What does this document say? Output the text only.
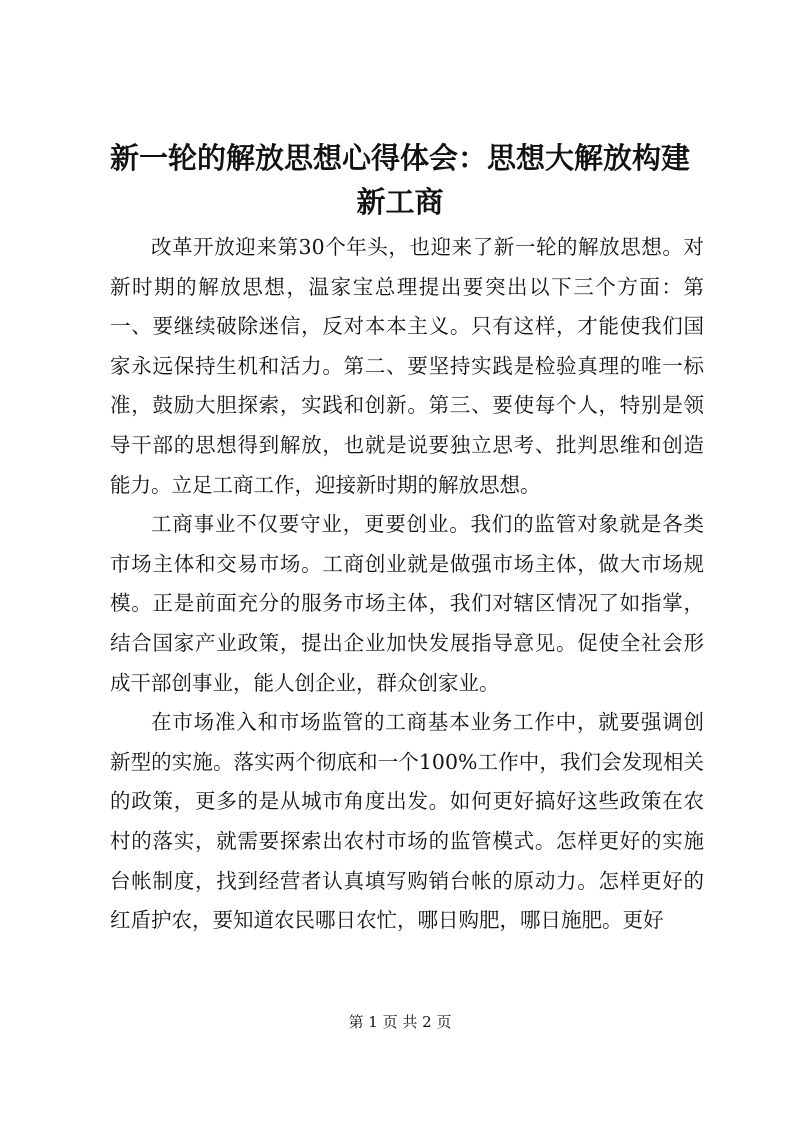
新一轮的解放思想心得体会：思想大解放构建新工商

改革开放迎来第30个年头，也迎来了新一轮的解放思想。对新时期的解放思想，温家宝总理提出要突出以下三个方面：第一、要继续破除迷信，反对本本主义。只有这样，才能使我们国家永远保持生机和活力。第二、要坚持实践是检验真理的唯一标准，鼓励大胆探索，实践和创新。第三、要使每个人，特别是领导干部的思想得到解放，也就是说要独立思考、批判思维和创造能力。立足工商工作，迎接新时期的解放思想。

工商事业不仅要守业，更要创业。我们的监管对象就是各类市场主体和交易市场。工商创业就是做强市场主体，做大市场规模。正是前面充分的服务市场主体，我们对辖区情况了如指掌，结合国家产业政策，提出企业加快发展指导意见。促使全社会形成干部创事业，能人创企业，群众创家业。

在市场准入和市场监管的工商基本业务工作中，就要强调创新型的实施。落实两个彻底和一个100%工作中，我们会发现相关的政策，更多的是从城市角度出发。如何更好搞好这些政策在农村的落实，就需要探索出农村市场的监管模式。怎样更好的实施台帐制度，找到经营者认真填写购销台帐的原动力。怎样更好的红盾护农，要知道农民哪日农忙，哪日购肥，哪日施肥。更好

第 1 页 共 2 页
